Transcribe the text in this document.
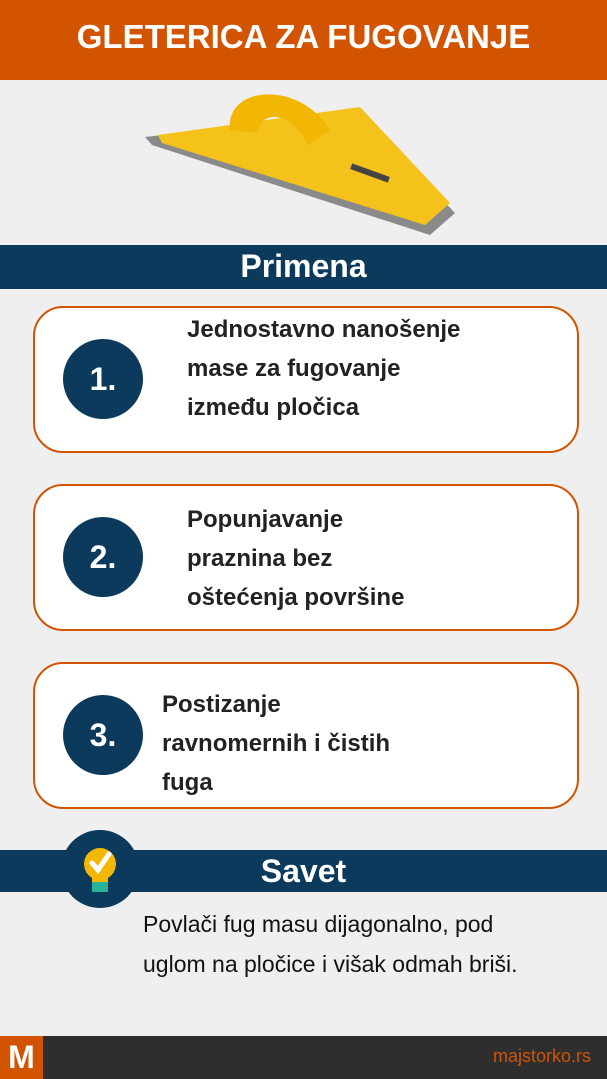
GLETERICA ZA FUGOVANJE
Primena
1.
Jednostavno nanošenje
mase za fugovanje
između pločica
2.
Popunjavanje
praznina bez
oštećenja površine
3.
Postizanje
ravnomernih i čistih
fuga
Savet
Povlači fug masu dijagonalno, pod
uglom na pločice i višak odmah briši.
M	majstorko.rs
